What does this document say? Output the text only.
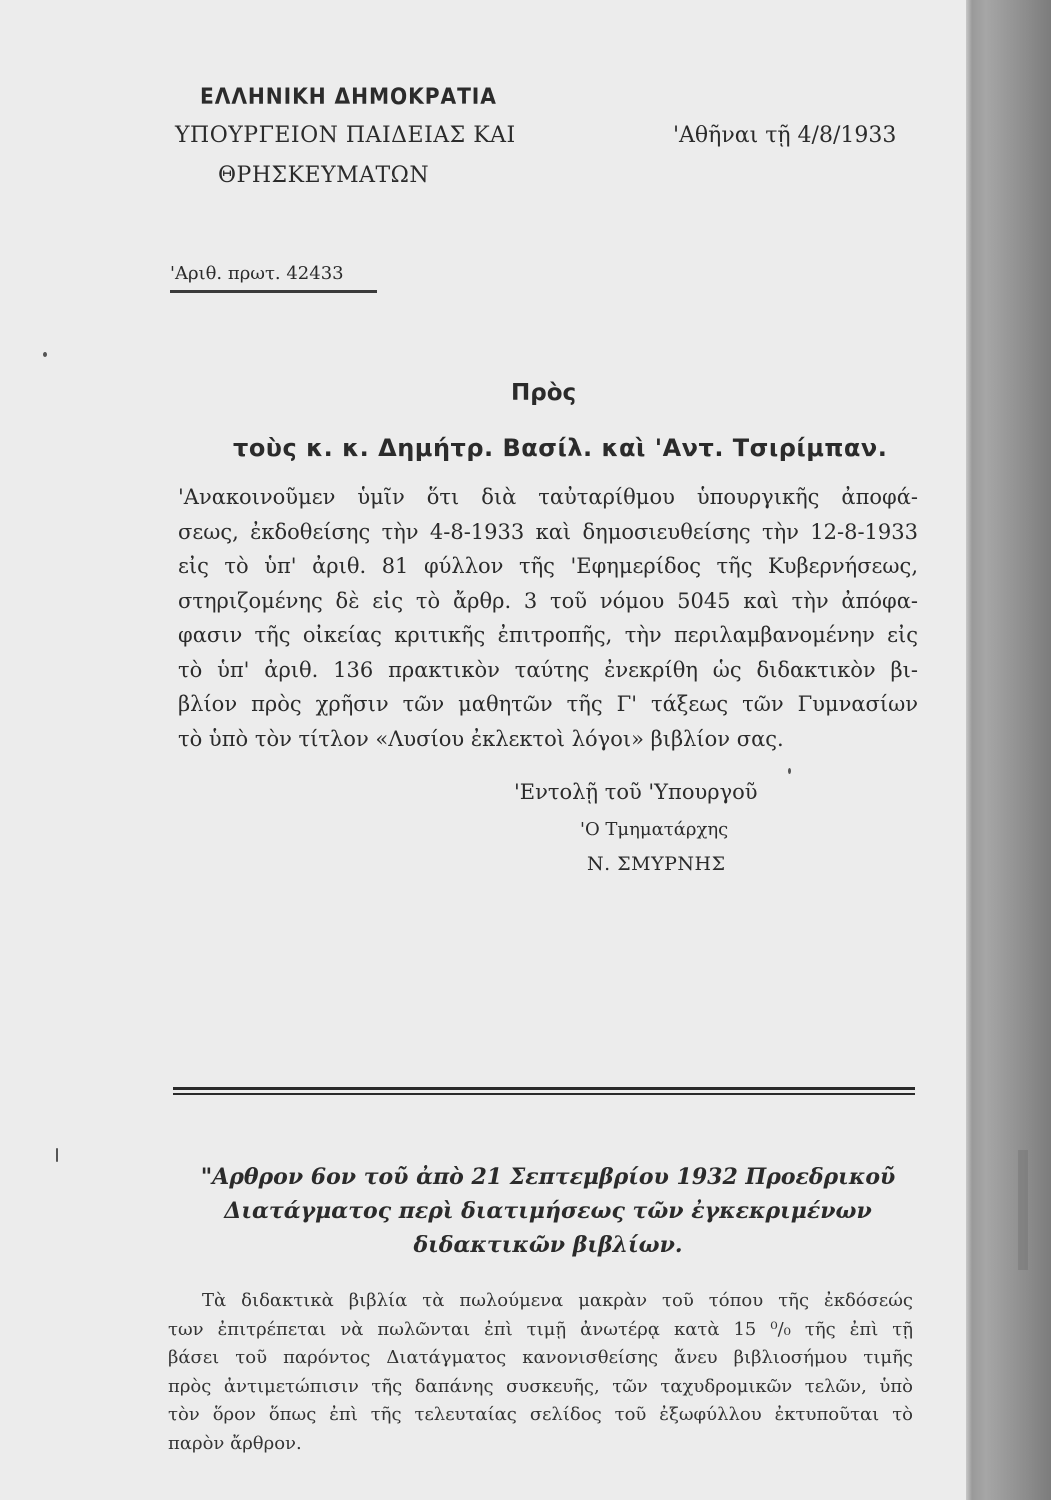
ΕΛΛΗΝΙΚΗ ΔΗΜΟΚΡΑΤΙΑ
ΥΠΟΥΡΓΕΙΟΝ ΠΑΙΔΕΙΑΣ ΚΑΙ
ΘΡΗΣΚΕΥΜΑΤΩΝ
'Αθῆναι τῇ 4/8/1933
'Αριθ. πρωτ. 42433
Πρὸς
τοὺς κ. κ. Δημήτρ. Βασίλ. καὶ 'Αντ. Τσιρίμπαν.
'Ανακοινοῦμεν ὑμῖν ὅτι διὰ ταὐταρίθμου ὑπουργικῆς ἀποφά-
σεως, ἐκδοθείσης τὴν 4-8-1933 καὶ δημοσιευθείσης τὴν 12-8-1933
εἰς τὸ ὑπ' ἀριθ. 81 φύλλον τῆς 'Εφημερίδος τῆς Κυβερνήσεως,
στηριζομένης δὲ εἰς τὸ ἄρθρ. 3 τοῦ νόμου 5045 καὶ τὴν ἀπόφα-
φασιν τῆς οἰκείας κριτικῆς ἐπιτροπῆς, τὴν περιλαμβανομένην εἰς
τὸ ὑπ' ἀριθ. 136 πρακτικὸν ταύτης ἐνεκρίθη ὡς διδακτικὸν βι-
βλίον πρὸς χρῆσιν τῶν μαθητῶν τῆς Γ' τάξεως τῶν Γυμνασίων
τὸ ὑπὸ τὸν τίτλον «Λυσίου ἐκλεκτοὶ λόγοι» βιβλίον σας.
'Εντολῇ τοῦ 'Υπουργοῦ
'Ο Τμηματάρχης
Ν. ΣΜΥΡΝΗΣ
"Αρθρον 6ον τοῦ ἀπὸ 21 Σεπτεμβρίου 1932 Προεδρικοῦ
Διατάγματος περὶ διατιμήσεως τῶν ἐγκεκριμένων
διδακτικῶν βιβλίων.
Τὰ διδακτικὰ βιβλία τὰ πωλούμενα μακρὰν τοῦ τόπου τῆς ἐκδόσεώς
των ἐπιτρέπεται νὰ πωλῶνται ἐπὶ τιμῇ ἀνωτέρᾳ κατὰ 15 ⁰/₀ τῆς ἐπὶ τῇ
βάσει τοῦ παρόντος Διατάγματος κανονισθείσης ἄνευ βιβλιοσήμου τιμῆς
πρὸς ἀντιμετώπισιν τῆς δαπάνης συσκευῆς, τῶν ταχυδρομικῶν τελῶν, ὑπὸ
τὸν ὅρον ὅπως ἐπὶ τῆς τελευταίας σελίδος τοῦ ἐξωφύλλου ἐκτυποῦται τὸ
παρὸν ἄρθρον.
